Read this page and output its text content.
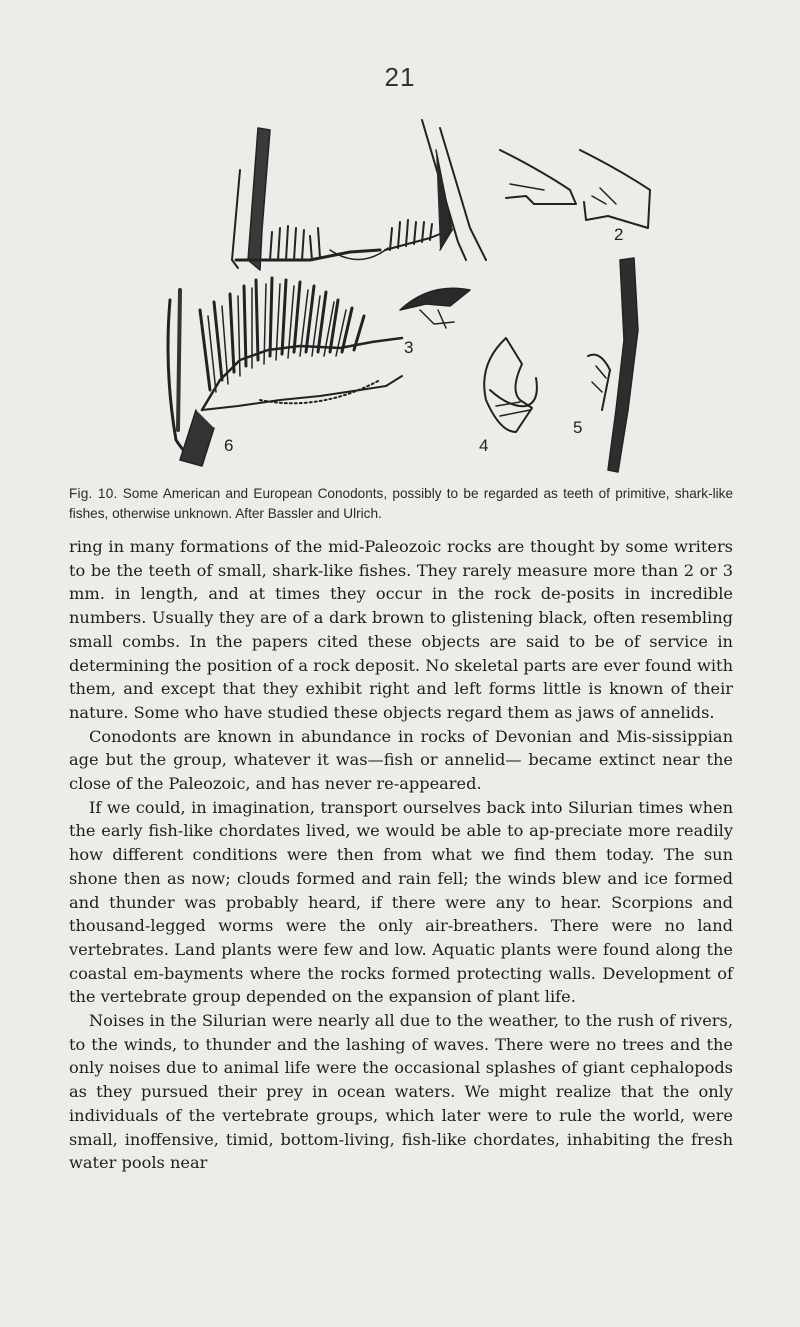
21
2
3
4
5
6
Fig. 10. Some American and European Conodonts, possibly to be regarded as teeth of primitive, shark-like fishes, otherwise unknown. After Bassler and Ulrich.

ring in many formations of the mid-Paleozoic rocks are thought by some writers to be the teeth of small, shark-like fishes. They rarely measure more than 2 or 3 mm. in length, and at times they occur in the rock de-posits in incredible numbers. Usually they are of a dark brown to glistening black, often resembling small combs. In the papers cited these objects are said to be of service in determining the position of a rock deposit. No skeletal parts are ever found with them, and except that they exhibit right and left forms little is known of their nature. Some who have studied these objects regard them as jaws of annelids.

Conodonts are known in abundance in rocks of Devonian and Mis-sissippian age but the group, whatever it was—fish or annelid— became extinct near the close of the Paleozoic, and has never re-appeared.

If we could, in imagination, transport ourselves back into Silurian times when the early fish-like chordates lived, we would be able to ap-preciate more readily how different conditions were then from what we find them today. The sun shone then as now; clouds formed and rain fell; the winds blew and ice formed and thunder was probably heard, if there were any to hear. Scorpions and thousand-legged worms were the only air-breathers. There were no land vertebrates. Land plants were few and low. Aquatic plants were found along the coastal em-bayments where the rocks formed protecting walls. Development of the vertebrate group depended on the expansion of plant life.

Noises in the Silurian were nearly all due to the weather, to the rush of rivers, to the winds, to thunder and the lashing of waves. There were no trees and the only noises due to animal life were the occasional splashes of giant cephalopods as they pursued their prey in ocean waters. We might realize that the only individuals of the vertebrate groups, which later were to rule the world, were small, inoffensive, timid, bottom-living, fish-like chordates, inhabiting the fresh water pools near
